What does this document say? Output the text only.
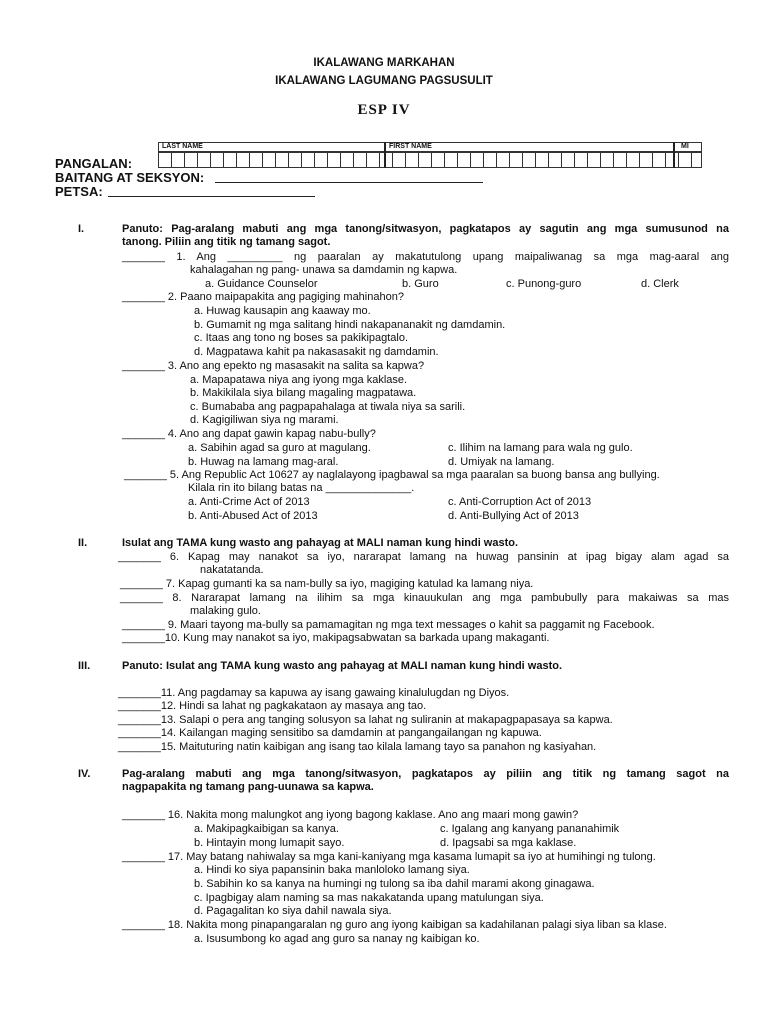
IKALAWANG MARKAHAN
IKALAWANG LAGUMANG PAGSUSULIT
ESP IV
LAST NAME	FIRST NAME	MI
PANGALAN:
BAITANG AT SEKSYON:
PETSA:
I.	Panuto: Pag-aralang mabuti ang mga tanong/sitwasyon, pagkatapos ay sagutin ang mga sumusunod na
tanong. Piliin ang titik ng tamang sagot.
_______ 1. Ang _________ ng paaralan ay makatutulong upang maipaliwanag sa mga mag-aaral ang
kahalagahan ng pang- unawa sa damdamin ng kapwa.
a. Guidance Counselor	b. Guro	c. Punong-guro	d. Clerk
_______ 2. Paano maipapakita ang pagiging mahinahon?
a. Huwag kausapin ang kaaway mo.
b. Gumamit ng mga salitang hindi nakapananakit ng damdamin.
c. Itaas ang tono ng boses sa pakikipagtalo.
d. Magpatawa kahit pa nakasasakit ng damdamin.
_______ 3. Ano ang epekto ng masasakit na salita sa kapwa?
a. Mapapatawa niya ang iyong mga kaklase.
b. Makikilala siya bilang magaling magpatawa.
c. Bumababa ang pagpapahalaga at tiwala niya sa sarili.
d. Kagigiliwan siya ng marami.
_______ 4. Ano ang dapat gawin kapag nabu-bully?
a. Sabihin agad sa guro at magulang.	c. Ilihim na lamang para wala ng gulo.
b. Huwag na lamang mag-aral.	d. Umiyak na lamang.
_______ 5. Ang Republic Act 10627 ay naglalayong ipagbawal sa mga paaralan sa buong bansa ang bullying.
Kilala rin ito bilang batas na ______________.
a. Anti-Crime Act of 2013	c. Anti-Corruption Act of 2013
b. Anti-Abused Act of 2013	d. Anti-Bullying Act of 2013
II.	Isulat ang TAMA kung wasto ang pahayag at MALI naman kung hindi wasto.
_______ 6. Kapag may nanakot sa iyo, nararapat lamang na huwag pansinin at ipag bigay alam agad sa
nakatatanda.
_______ 7. Kapag gumanti ka sa nam-bully sa iyo, magiging katulad ka lamang niya.
_______ 8. Nararapat lamang na ilihim sa mga kinauukulan ang mga pambubully para makaiwas sa mas
malaking gulo.
_______ 9. Maari tayong ma-bully sa pamamagitan ng mga text messages o kahit sa paggamit ng Facebook.
_______10. Kung may nanakot sa iyo, makipagsabwatan sa barkada upang makaganti.
III.	Panuto: Isulat ang TAMA kung wasto ang pahayag at MALI naman kung hindi wasto.
_______11. Ang pagdamay sa kapuwa ay isang gawaing kinalulugdan ng Diyos.
_______12. Hindi sa lahat ng pagkakataon ay masaya ang tao.
_______13. Salapi o pera ang tanging solusyon sa lahat ng suliranin at makapagpapasaya sa kapwa.
_______14. Kailangan maging sensitibo sa damdamin at pangangailangan ng kapuwa.
_______15. Maituturing natin kaibigan ang isang tao kilala lamang tayo sa panahon ng kasiyahan.
IV.	Pag-aralang mabuti ang mga tanong/sitwasyon, pagkatapos ay piliin ang titik ng tamang sagot na
nagpapakita ng tamang pang-uunawa sa kapwa.
_______ 16. Nakita mong malungkot ang iyong bagong kaklase. Ano ang maari mong gawin?
a. Makipagkaibigan sa kanya.	c. Igalang ang kanyang pananahimik
b. Hintayin mong lumapit sayo.	d. Ipagsabi sa mga kaklase.
_______ 17. May batang nahiwalay sa mga kani-kaniyang mga kasama lumapit sa iyo at humihingi ng tulong.
a. Hindi ko siya papansinin baka manloloko lamang siya.
b. Sabihin ko sa kanya na humingi ng tulong sa iba dahil marami akong ginagawa.
c. Ipagbigay alam naming sa mas nakakatanda upang matulungan siya.
d. Pagagalitan ko siya dahil nawala siya.
_______ 18. Nakita mong pinapangaralan ng guro ang iyong kaibigan sa kadahilanan palagi siya liban sa klase.
a. Isusumbong ko agad ang guro sa nanay ng kaibigan ko.
